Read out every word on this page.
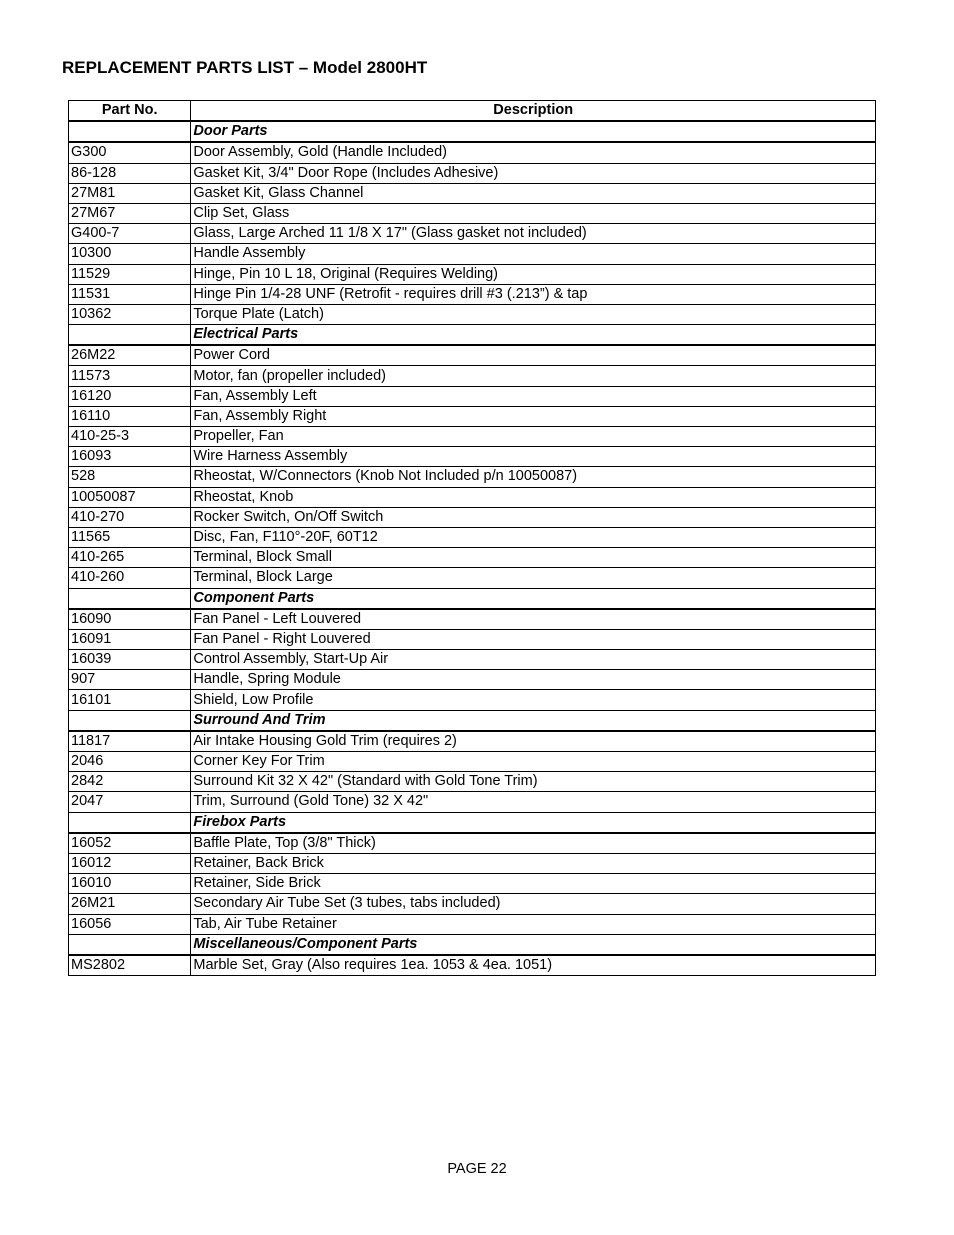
REPLACEMENT PARTS LIST – Model 2800HT
Part No.	Description
	Door Parts
G300	Door Assembly, Gold (Handle Included)
86-128	Gasket Kit, 3/4" Door Rope (Includes Adhesive)
27M81	Gasket Kit, Glass Channel
27M67	Clip Set, Glass
G400-7	Glass, Large Arched 11 1/8 X 17" (Glass gasket not included)
10300	Handle Assembly
11529	Hinge, Pin 10 L 18, Original (Requires Welding)
11531	Hinge Pin 1/4-28 UNF (Retrofit - requires drill #3 (.213”) & tap
10362	Torque Plate (Latch)
	Electrical Parts
26M22	Power Cord
11573	Motor, fan (propeller included)
16120	Fan, Assembly Left
16110	Fan, Assembly Right
410-25-3	Propeller, Fan
16093	Wire Harness Assembly
528	Rheostat, W/Connectors (Knob Not Included p/n 10050087)
10050087	Rheostat, Knob
410-270	Rocker Switch, On/Off Switch
11565	Disc, Fan, F110°-20F, 60T12
410-265	Terminal, Block Small
410-260	Terminal, Block Large
	Component Parts
16090	Fan Panel - Left Louvered
16091	Fan Panel - Right Louvered
16039	Control Assembly, Start-Up Air
907	Handle, Spring Module
16101	Shield, Low Profile
	Surround And Trim
11817	Air Intake Housing Gold Trim (requires 2)
2046	Corner Key For Trim
2842	Surround Kit 32 X 42" (Standard with Gold Tone Trim)
2047	Trim, Surround (Gold Tone) 32 X 42"
	Firebox Parts
16052	Baffle Plate, Top (3/8" Thick)
16012	Retainer, Back Brick
16010	Retainer, Side Brick
26M21	Secondary Air Tube Set (3 tubes, tabs included)
16056	Tab, Air Tube Retainer
	Miscellaneous/Component Parts
MS2802	Marble Set, Gray (Also requires 1ea. 1053 & 4ea. 1051)
PAGE 22
